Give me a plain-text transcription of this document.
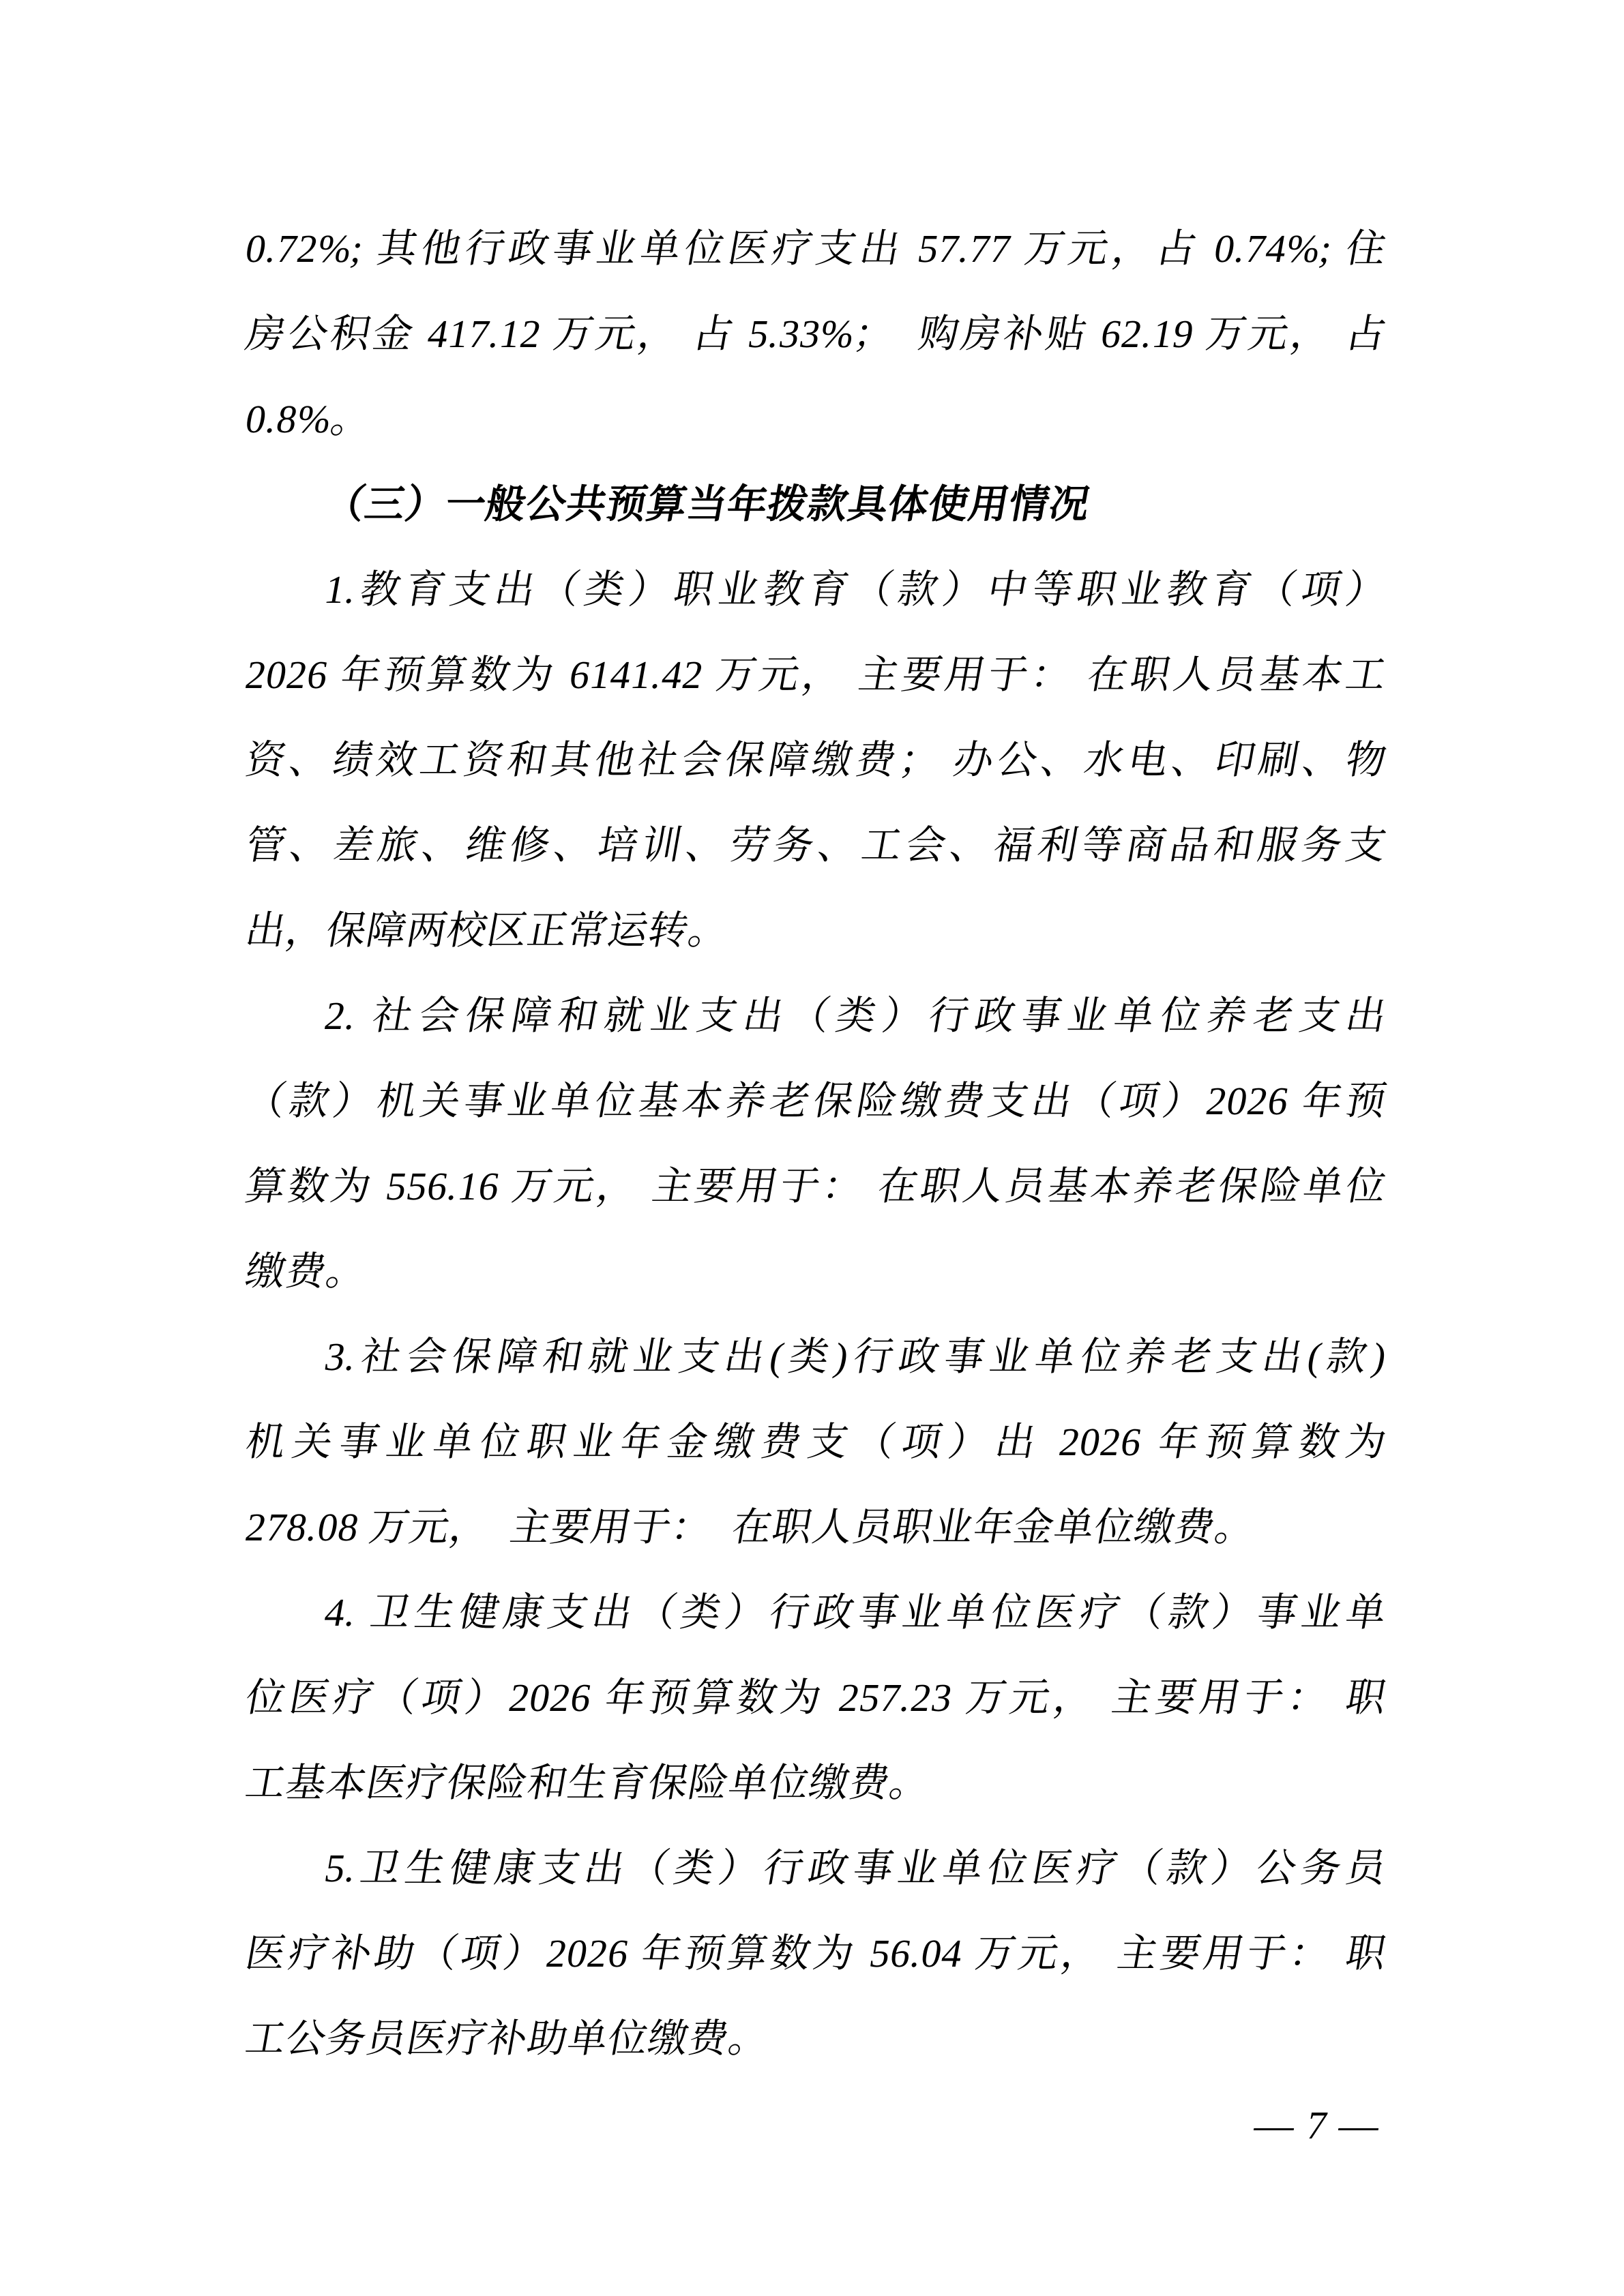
0.72%; 其他行政事业单位医疗支出 57.77 万元，占 0.74%; 住
房公积金 417.12 万元， 占 5.33%；　购房补贴 62.19 万元， 占
0.8%。
（三）一般公共预算当年拨款具体使用情况
1.教育支出（类）职业教育（款）中等职业教育（项）
2026 年预算数为 6141.42 万元， 主要用于： 在职人员基本工
资、绩效工资和其他社会保障缴费； 办公、水电、印刷、物
管、差旅、维修、培训、劳务、工会、福利等商品和服务支
出，保障两校区正常运转。
2. 社会保障和就业支出（类）行政事业单位养老支出
（款）机关事业单位基本养老保险缴费支出（项）2026 年预
算数为 556.16 万元， 主要用于： 在职人员基本养老保险单位
缴费。
3.社会保障和就业支出(类)行政事业单位养老支出(款)
机关事业单位职业年金缴费支（项）出 2026 年预算数为
278.08 万元，　主要用于：　在职人员职业年金单位缴费。
4. 卫生健康支出（类）行政事业单位医疗（款）事业单
位医疗（项）2026 年预算数为 257.23 万元， 主要用于： 职
工基本医疗保险和生育保险单位缴费。
5.卫生健康支出（类）行政事业单位医疗（款）公务员
医疗补助（项）2026 年预算数为 56.04 万元， 主要用于： 职
工公务员医疗补助单位缴费。
— 7 —
